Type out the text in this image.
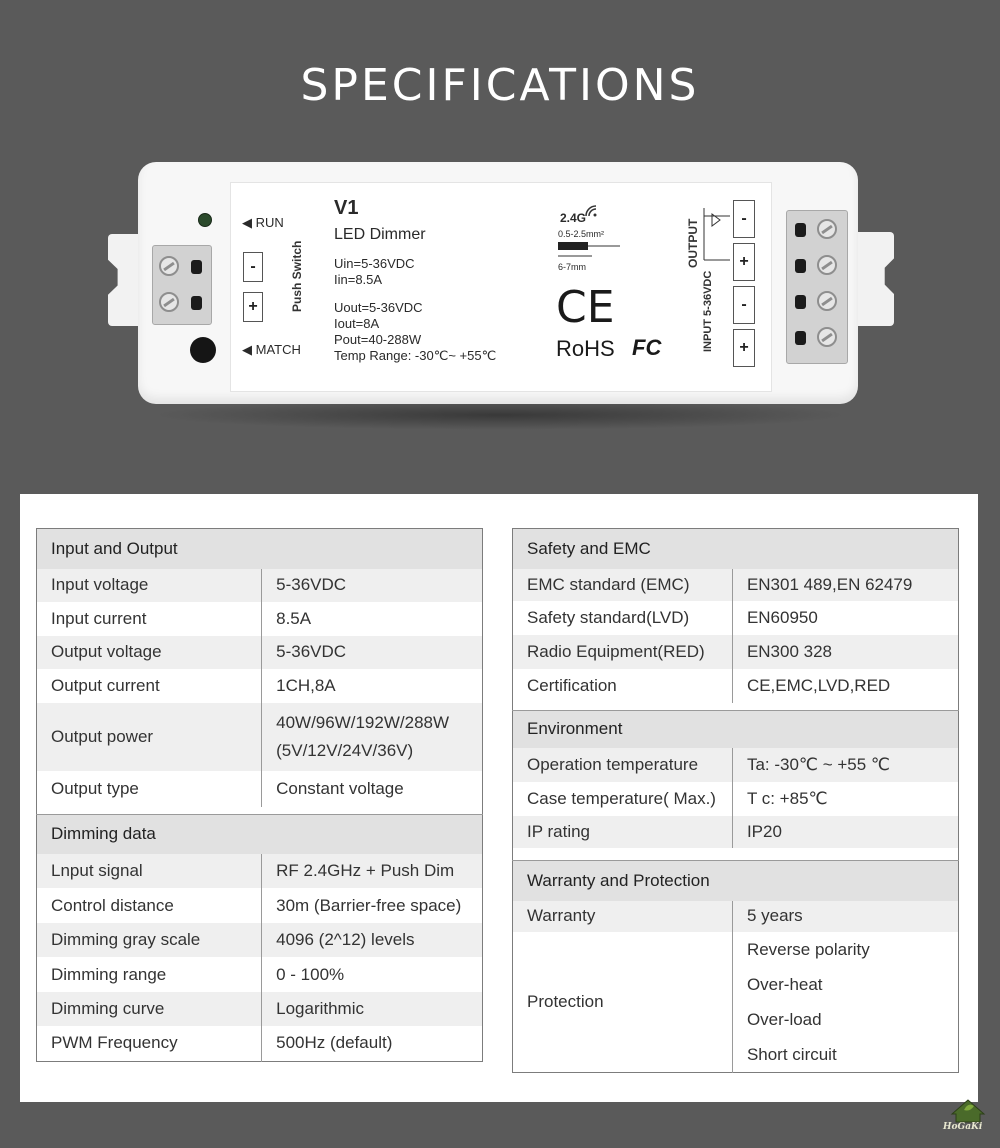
SPECIFICATIONS
◀ RUN
◀ MATCH
-
+	Push Switch
V1
LED Dimmer
Uin=5-36VDC
Iin=8.5A
Uout=5-36VDC
Iout=8A
Pout=40-288W
Temp Range: -30℃~ +55℃
2.4G
0.5-2.5mm²
6-7mm
CE
RoHS FC
OUTPUT
INPUT 5-36VDC
-
+
-
+
Input and Output	
Input voltage	5-36VDC
Input current	8.5A
Output voltage	5-36VDC
Output current	1CH,8A
Output power	40W/96W/192W/288W
(5V/12V/24V/36V)

Output type	Constant voltage

Dimming data	
Lnput signal	RF 2.4GHz + Push Dim
Control distance	30m (Barrier-free space)
Dimming gray scale	4096 (2^12) levels
Dimming range	0 - 100%
Dimming curve	Logarithmic
PWM Frequency	500Hz (default)
Safety and EMC	
EMC standard (EMC)	EN301 489,EN 62479
Safety standard(LVD)	EN60950
Radio Equipment(RED)	EN300 328
Certification	CE,EMC,LVD,RED

Environment	
Operation temperature	Ta: -30℃ ~ +55 ℃
Case temperature( Max.)	T c: +85℃
IP rating	IP20

Warranty and Protection	
Warranty	5 years
Protection	Reverse polarity
Over-heat
Over-load
Short circuit
HoGaKi
